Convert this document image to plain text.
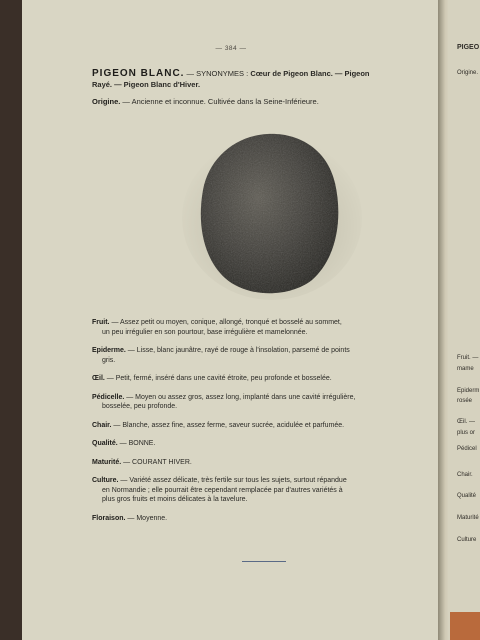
— 384 —
PIGEON BLANC. — SYNONYMES : Cœur de Pigeon Blanc. — Pigeon
Rayé. — Pigeon Blanc d'Hiver.
Origine. — Ancienne et inconnue. Cultivée dans la Seine-Inférieure.
Fruit. — Assez petit ou moyen, conique, allongé, tronqué et bosselé au sommet,
un peu irrégulier en son pourtour, base irrégulière et mamelonnée.
Epiderme. — Lisse, blanc jaunâtre, rayé de rouge à l'insolation, parsemé de points
gris.
Œil. — Petit, fermé, inséré dans une cavité étroite, peu profonde et bosselée.
Pédicelle. — Moyen ou assez gros, assez long, implanté dans une cavité irrégulière,
bosselée, peu profonde.
Chair. — Blanche, assez fine, assez ferme, saveur sucrée, acidulée et parfumée.
Qualité. — BONNE.
Maturité. — COURANT HIVER.
Culture. — Variété assez délicate, très fertile sur tous les sujets, surtout répandue
en Normandie ; elle pourrait être cependant remplacée par d'autres variétés à
plus gros fruits et moins délicates à la tavelure.
Floraison. — Moyenne.
PIGEO
Origine.
Fruit. —
mame
Epiderm
rosée
Œil. —
plus or
Pédicel
Chair.
Qualité
Maturité
Culture
